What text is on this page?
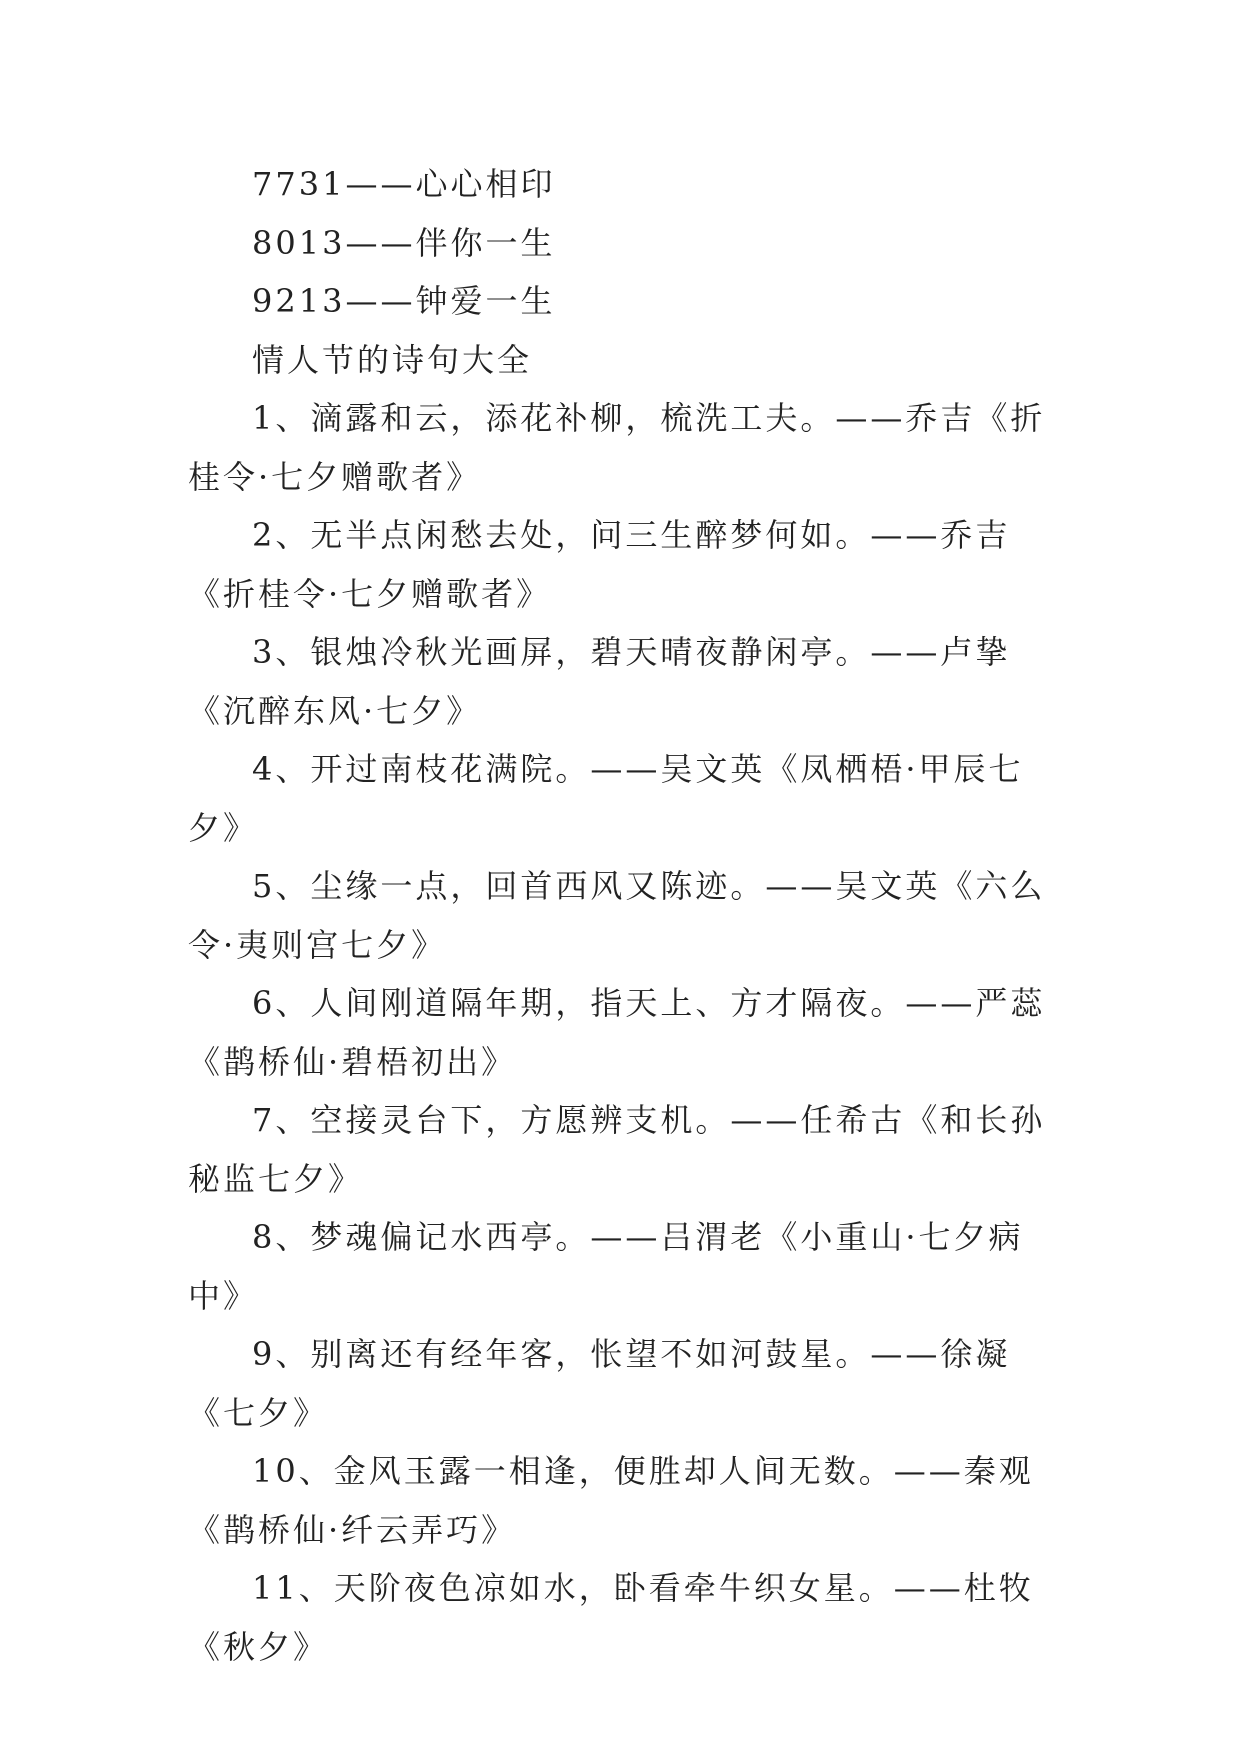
7731——心心相印

8013——伴你一生

9213——钟爱一生

情人节的诗句大全

1、滴露和云，添花补柳，梳洗工夫。——乔吉《折桂令·七夕赠歌者》

2、无半点闲愁去处，问三生醉梦何如。——乔吉《折桂令·七夕赠歌者》

3、银烛冷秋光画屏，碧天晴夜静闲亭。——卢挚《沉醉东风·七夕》

4、开过南枝花满院。——吴文英《凤栖梧·甲辰七夕》

5、尘缘一点，回首西风又陈迹。——吴文英《六么令·夷则宫七夕》

6、人间刚道隔年期，指天上、方才隔夜。——严蕊《鹊桥仙·碧梧初出》

7、空接灵台下，方愿辨支机。——任希古《和长孙秘监七夕》

8、梦魂偏记水西亭。——吕渭老《小重山·七夕病中》

9、别离还有经年客，怅望不如河鼓星。——徐凝《七夕》

10、金风玉露一相逢，便胜却人间无数。——秦观《鹊桥仙·纤云弄巧》

11、天阶夜色凉如水，卧看牵牛织女星。——杜牧《秋夕》
